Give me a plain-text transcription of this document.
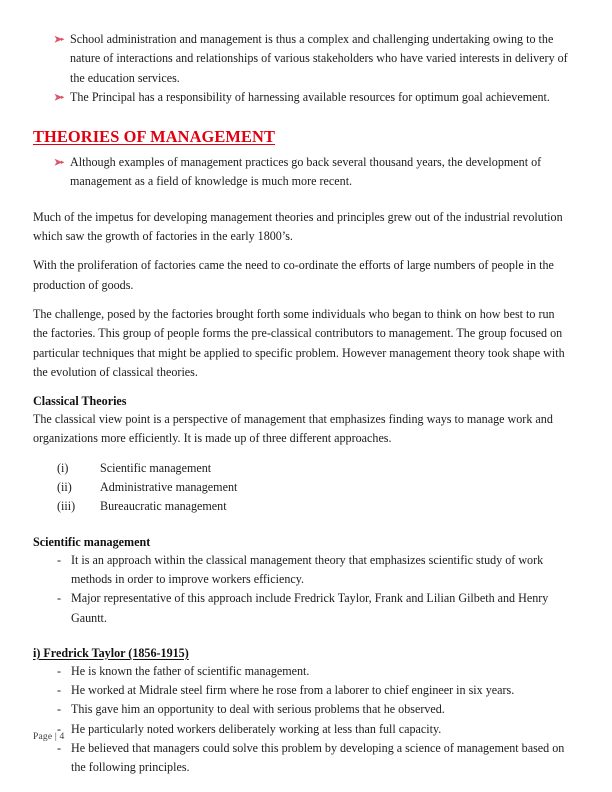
School administration and management is thus a complex and challenging undertaking owing to the nature of interactions and relationships of various stakeholders who have varied interests in delivery of the education services.
The Principal has a responsibility of harnessing available resources for optimum goal achievement.
THEORIES OF MANAGEMENT
Although examples of management practices go back several thousand years, the development of management as a field of knowledge is much more recent.

Much of the impetus for developing management theories and principles grew out of the industrial revolution which saw the growth of factories in the early 1800’s.

With the proliferation of factories came the need to co-ordinate the efforts of large numbers of people in the production of goods.

The challenge, posed by the factories brought forth some individuals who began to think on how best to run the factories. This group of people forms the pre-classical contributors to management. The group focused on particular techniques that might be applied to specific problem. However management theory took shape with the evolution of classical theories.

Classical Theories

The classical view point is a perspective of management that emphasizes finding ways to manage work and organizations more efficiently. It is made up of three different approaches.

(i)	Scientific management
(ii) Administrative management
(iii) Bureaucratic management
Scientific management
- It is an approach within the classical management theory that emphasizes scientific study of work methods in order to improve workers efficiency.
- Major representative of this approach include Fredrick Taylor, Frank and Lilian Gilbeth and Henry Gauntt.
i) Fredrick Taylor (1856-1915)
- He is known the father of scientific management.
- He worked at Midrale steel firm where he rose from a laborer to chief engineer in six years.
- This gave him an opportunity to deal with serious problems that he observed.
- He particularly noted workers deliberately working at less than full capacity.
- He believed that managers could solve this problem by developing a science of management based on the following principles.
Page | 4
